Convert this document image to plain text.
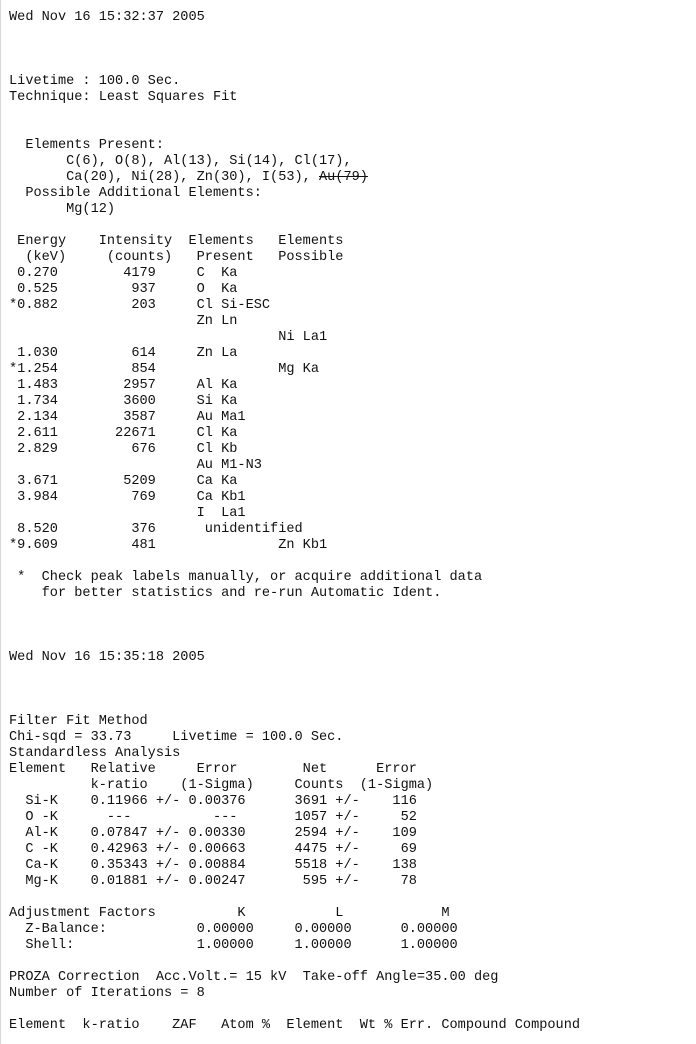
Wed Nov 16 15:32:37 2005
Livetime : 100.0 Sec.
Technique: Least Squares Fit
Elements Present:
C(6), O(8), Al(13), Si(14), Cl(17),
Ca(20), Ni(28), Zn(30), I(53), Au(79)
Possible Additional Elements:
Mg(12)
Energy    Intensity  Elements   Elements
(keV)     (counts)   Present   Possible
0.270        4179     C  Ka
0.525         937     O  Ka
*0.882         203     Cl Si-ESC
Zn Ln
Ni La1
1.030         614     Zn La
*1.254         854               Mg Ka
1.483        2957     Al Ka
1.734        3600     Si Ka
2.134        3587     Au Ma1
2.611       22671     Cl Ka
2.829         676     Cl Kb
Au M1-N3
3.671        5209     Ca Ka
3.984         769     Ca Kb1
I  La1
8.520         376      unidentified
*9.609         481               Zn Kb1
*  Check peak labels manually, or acquire additional data
for better statistics and re-run Automatic Ident.
Wed Nov 16 15:35:18 2005
Filter Fit Method
Chi-sqd = 33.73     Livetime = 100.0 Sec.
Standardless Analysis
Element   Relative     Error        Net      Error
k-ratio    (1-Sigma)     Counts  (1-Sigma)
Si-K    0.11966 +/- 0.00376      3691 +/-    116
O -K      ---          ---       1057 +/-     52
Al-K    0.07847 +/- 0.00330      2594 +/-    109
C -K    0.42963 +/- 0.00663      4475 +/-     69
Ca-K    0.35343 +/- 0.00884      5518 +/-    138
Mg-K    0.01881 +/- 0.00247       595 +/-     78
Adjustment Factors          K           L            M
Z-Balance:           0.00000     0.00000      0.00000
Shell:               1.00000     1.00000      1.00000
PROZA Correction  Acc.Volt.= 15 kV  Take-off Angle=35.00 deg
Number of Iterations = 8
Element  k-ratio    ZAF   Atom %  Element  Wt % Err. Compound Compound
